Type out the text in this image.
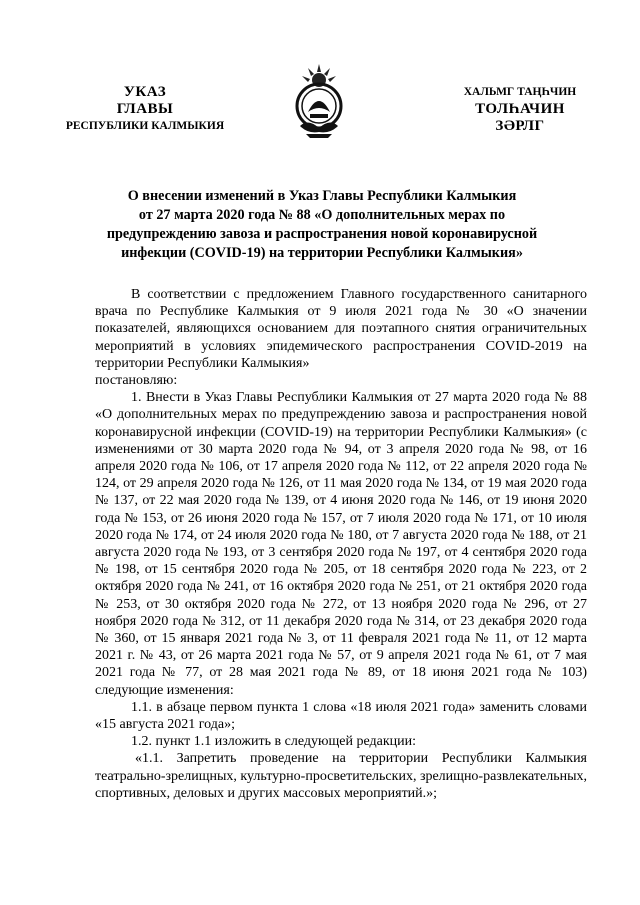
УКАЗ
ГЛАВЫ
РЕСПУБЛИКИ КАЛМЫКИЯ
ХАЛЬМГ ТАҢҺЧИН
ТОЛҺАЧИН
ЗӘРЛГ
О внесении изменений в Указ Главы Республики Калмыкия
от 27 марта 2020 года № 88 «О дополнительных мерах по
предупреждению завоза и распространения новой коронавирусной
инфекции (COVID-19) на территории Республики Калмыкия»

В соответствии с предложением Главного государственного санитарного врача по Республике Калмыкия от 9 июля 2021 года № 30 «О значении показателей, являющихся основанием для поэтапного снятия ограничительных мероприятий в условиях эпидемического распространения COVID-2019 на территории Республики Калмыкия»

постановляю:

1. Внести в Указ Главы Республики Калмыкия от 27 марта 2020 года № 88 «О дополнительных мерах по предупреждению завоза и распространения новой коронавирусной инфекции (COVID-19) на территории Республики Калмыкия» (с изменениями от 30 марта 2020 года № 94, от 3 апреля 2020 года № 98, от 16 апреля 2020 года № 106, от 17 апреля 2020 года № 112, от 22 апреля 2020 года № 124, от 29 апреля 2020 года № 126, от 11 мая 2020 года № 134, от 19 мая 2020 года № 137, от 22 мая 2020 года № 139, от 4 июня 2020 года № 146, от 19 июня 2020 года № 153, от 26 июня 2020 года № 157, от 7 июля 2020 года № 171, от 10 июля 2020 года № 174, от 24 июля 2020 года № 180, от 7 августа 2020 года № 188, от 21 августа 2020 года № 193, от 3 сентября 2020 года № 197, от 4 сентября 2020 года № 198, от 15 сентября 2020 года № 205, от 18 сентября 2020 года № 223, от 2 октября 2020 года № 241, от 16 октября 2020 года № 251, от 21 октября 2020 года № 253, от 30 октября 2020 года № 272, от 13 ноября 2020 года № 296, от 27 ноября 2020 года № 312, от 11 декабря 2020 года № 314, от 23 декабря 2020 года № 360, от 15 января 2021 года № 3, от 11 февраля 2021 года № 11, от 12 марта 2021 г. № 43, от 26 марта 2021 года № 57, от 9 апреля 2021 года № 61, от 7 мая 2021 года № 77, от 28 мая 2021 года № 89, от 18 июня 2021 года № 103) следующие изменения:

1.1. в абзаце первом пункта 1 слова «18 июля 2021 года» заменить словами «15 августа 2021 года»;

1.2. пункт 1.1 изложить в следующей редакции:

«1.1. Запретить проведение на территории Республики Калмыкия театрально-зрелищных, культурно-просветительских, зрелищно-развлекательных, спортивных, деловых и других массовых мероприятий.»;
